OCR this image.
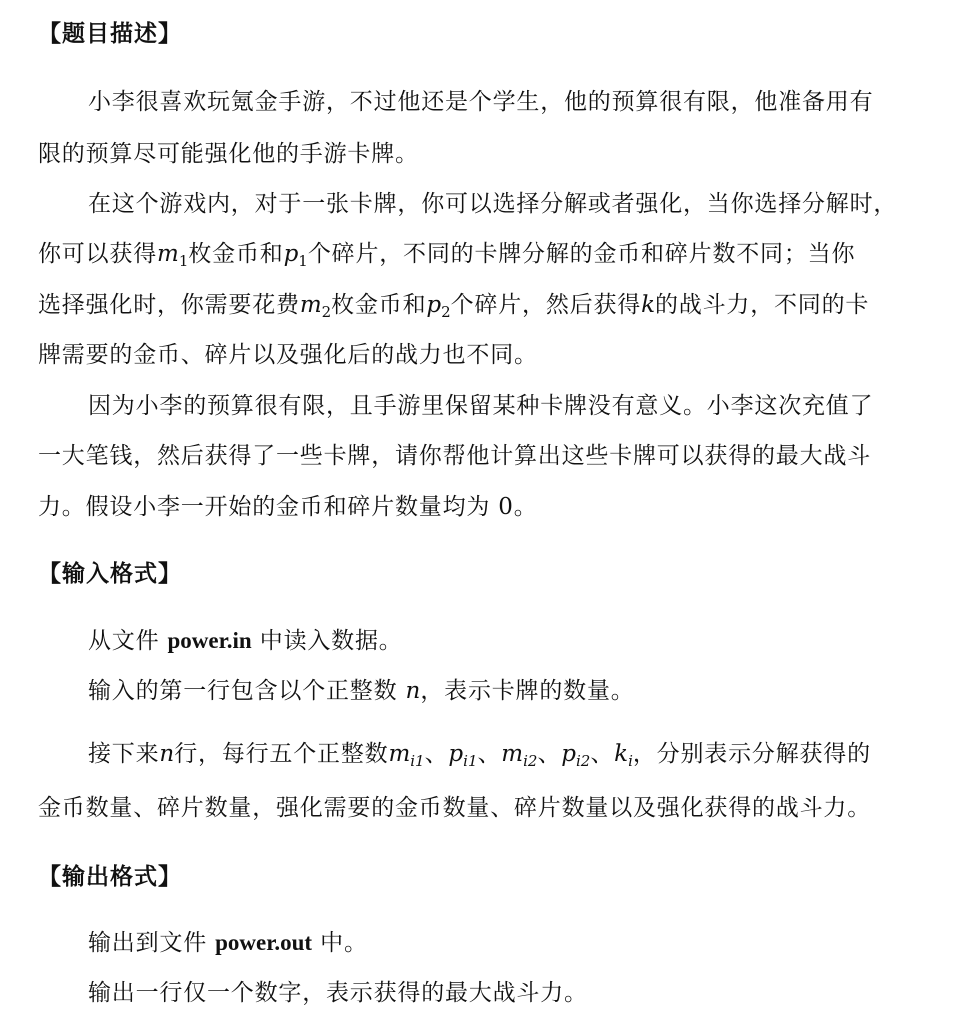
【题目描述】
小李很喜欢玩氪金手游，不过他还是个学生，他的预算很有限，他准备用有
限的预算尽可能强化他的手游卡牌。
在这个游戏内，对于一张卡牌，你可以选择分解或者强化，当你选择分解时，
你可以获得$m_1$枚金币和$p_1$个碎片，不同的卡牌分解的金币和碎片数不同；当你
选择强化时，你需要花费$m_2$枚金币和$p_2$个碎片，然后获得k的战斗力，不同的卡
牌需要的金币、碎片以及强化后的战力也不同。
因为小李的预算很有限，且手游里保留某种卡牌没有意义。小李这次充值了
一大笔钱，然后获得了一些卡牌，请你帮他计算出这些卡牌可以获得的最大战斗
力。假设小李一开始的金币和碎片数量均为 0。
【输入格式】
从文件 power.in 中读入数据。
输入的第一行包含以个正整数 n，表示卡牌的数量。
接下来n行，每行五个正整数$m_{i1}$、$p_{i1}$、$m_{i2}$、$p_{i2}$、$k_i$，分别表示分解获得的
金币数量、碎片数量，强化需要的金币数量、碎片数量以及强化获得的战斗力。
【输出格式】
输出到文件 power.out 中。
输出一行仅一个数字，表示获得的最大战斗力。
